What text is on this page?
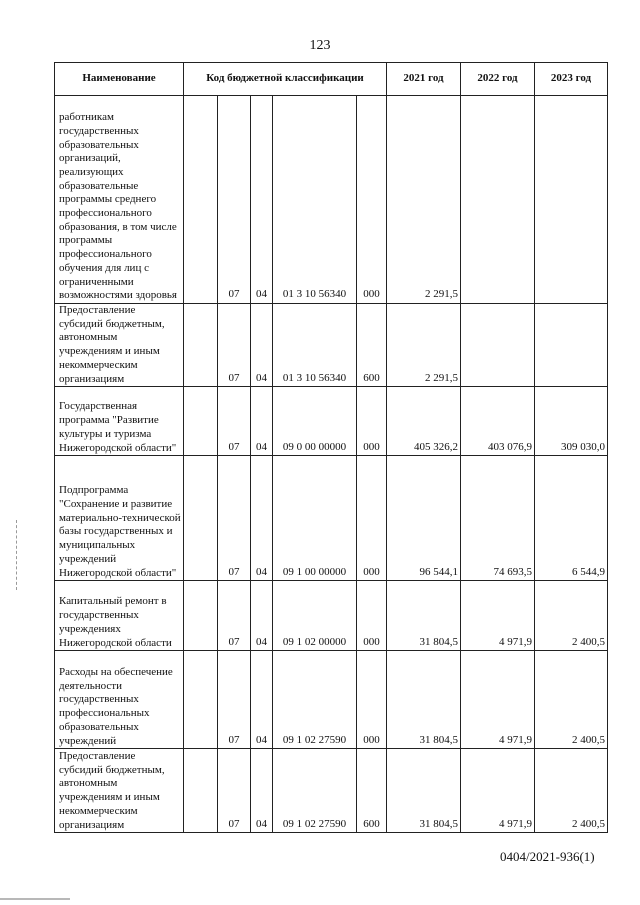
123
Наименование	Код бюджетной классификации					2021 год	2022 год	2023 год
работникам государственных образовательных организаций, реализующих образовательные программы среднего профессионального образования, в том числе программы профессионального обучения для лиц с ограниченными возможностями здоровья		07	04	01 3 10 56340	000	2 291,5		
Предоставление субсидий бюджетным, автономным учреждениям и иным некоммерческим организациям		07	04	01 3 10 56340	600	2 291,5		
Государственная программа "Развитие культуры и туризма Нижегородской области"		07	04	09 0 00 00000	000	405 326,2	403 076,9	309 030,0
Подпрограмма "Сохранение и развитие материально-технической базы государственных и муниципальных учреждений Нижегородской области"		07	04	09 1 00 00000	000	96 544,1	74 693,5	6 544,9
Капитальный ремонт в государственных учреждениях Нижегородской области		07	04	09 1 02 00000	000	31 804,5	4 971,9	2 400,5
Расходы на обеспечение деятельности государственных профессиональных образовательных учреждений		07	04	09 1 02 27590	000	31 804,5	4 971,9	2 400,5
Предоставление субсидий бюджетным, автономным учреждениям и иным некоммерческим организациям		07	04	09 1 02 27590	600	31 804,5	4 971,9	2 400,5
0404/2021-936(1)
